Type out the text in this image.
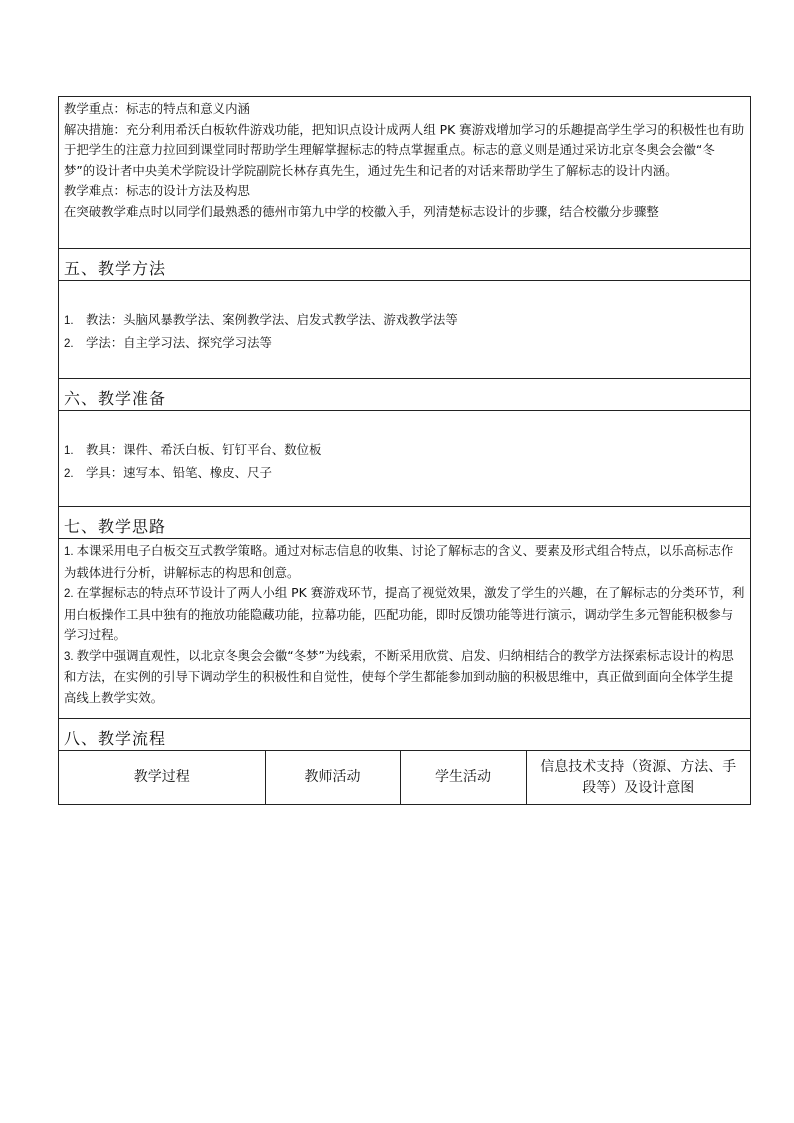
教学重点：标志的特点和意义内涵
解决措施：充分利用希沃白板软件游戏功能，把知识点设计成两人组 PK 赛游戏增加学习的乐趣提高学生学习的积极性也有助于把学生的注意力拉回到课堂同时帮助学生理解掌握标志的特点掌握重点。标志的意义则是通过采访北京冬奥会会徽“冬梦”的设计者中央美术学院设计学院副院长林存真先生，通过先生和记者的对话来帮助学生了解标志的设计内涵。
教学难点：标志的设计方法及构思
在突破教学难点时以同学们最熟悉的德州市第九中学的校徽入手，列清楚标志设计的步骤，结合校徽分步骤整
五、教学方法
1. 教法：头脑风暴教学法、案例教学法、启发式教学法、游戏教学法等
2. 学法：自主学习法、探究学习法等
六、教学准备
1. 教具：课件、希沃白板、钉钉平台、数位板
2. 学具：速写本、铅笔、橡皮、尺子
七、教学思路
1. 本课采用电子白板交互式教学策略。通过对标志信息的收集、讨论了解标志的含义、要素及形式组合特点，以乐高标志作为载体进行分析，讲解标志的构思和创意。
2. 在掌握标志的特点环节设计了两人小组 PK 赛游戏环节，提高了视觉效果，激发了学生的兴趣，在了解标志的分类环节，利用白板操作工具中独有的拖放功能隐藏功能，拉幕功能，匹配功能，即时反馈功能等进行演示，调动学生多元智能积极参与学习过程。
3. 教学中强调直观性，以北京冬奥会会徽“冬梦”为线索，不断采用欣赏、启发、归纳相结合的教学方法探索标志设计的构思和方法，在实例的引导下调动学生的积极性和自觉性，使每个学生都能参加到动脑的积极思维中，真正做到面向全体学生提高线上教学实效。
八、教学流程
教学过程	教师活动	学生活动	信息技术支持（资源、方法、手段等）及设计意图
